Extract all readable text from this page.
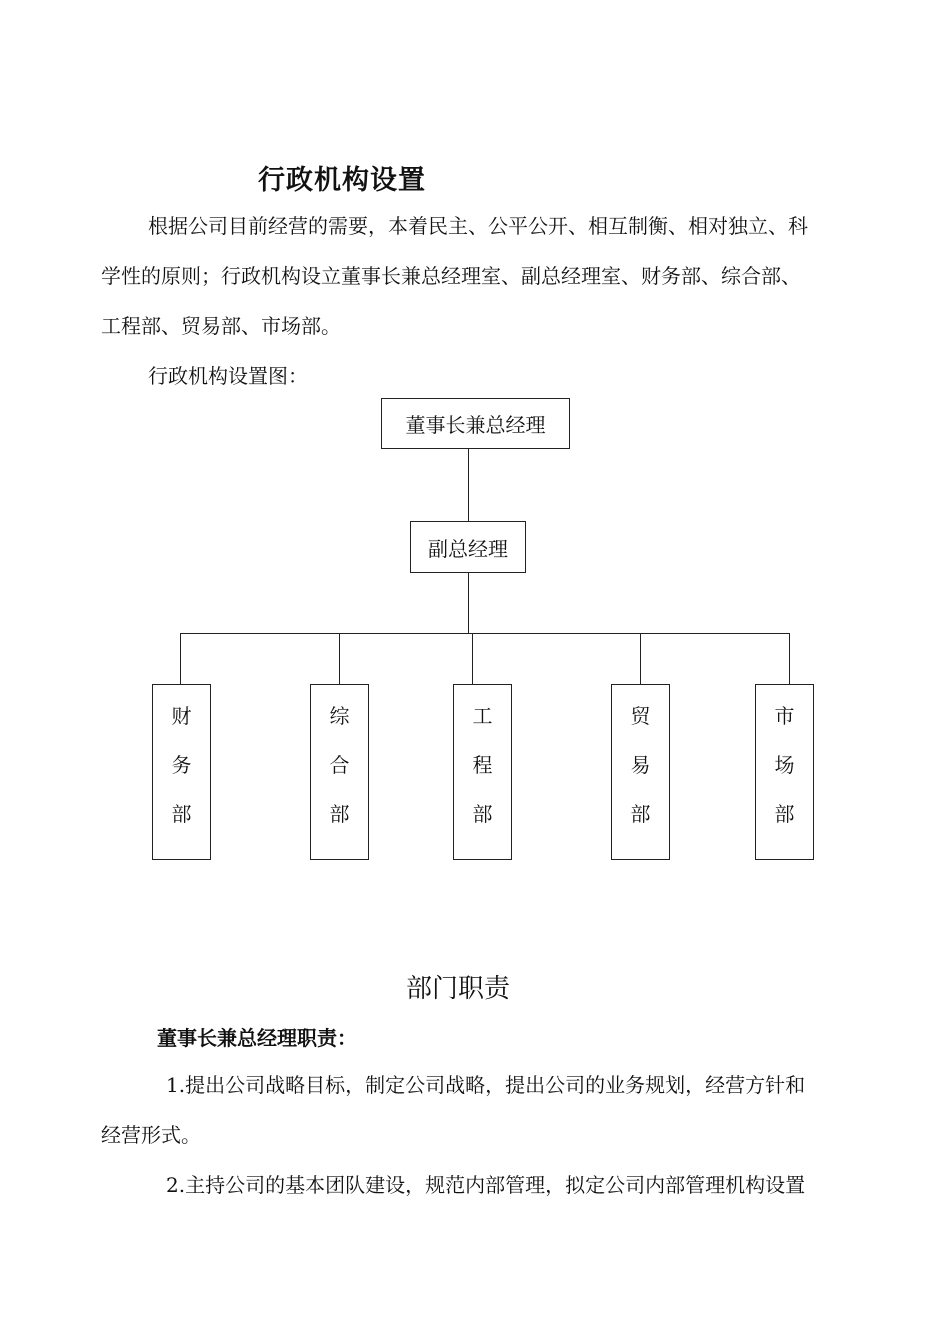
行政机构设置
根据公司目前经营的需要，本着民主、公平公开、相互制衡、相对独立、科
学性的原则；行政机构设立董事长兼总经理室、副总经理室、财务部、综合部、
工程部、贸易部、市场部。
行政机构设置图：
董事长兼总经理
副总经理
财
务
部
综
合
部
工
程
部
贸
易
部
市
场
部
部门职责
董事长兼总经理职责：
1.提出公司战略目标，制定公司战略，提出公司的业务规划，经营方针和
经营形式。
2.主持公司的基本团队建设，规范内部管理，拟定公司内部管理机构设置
